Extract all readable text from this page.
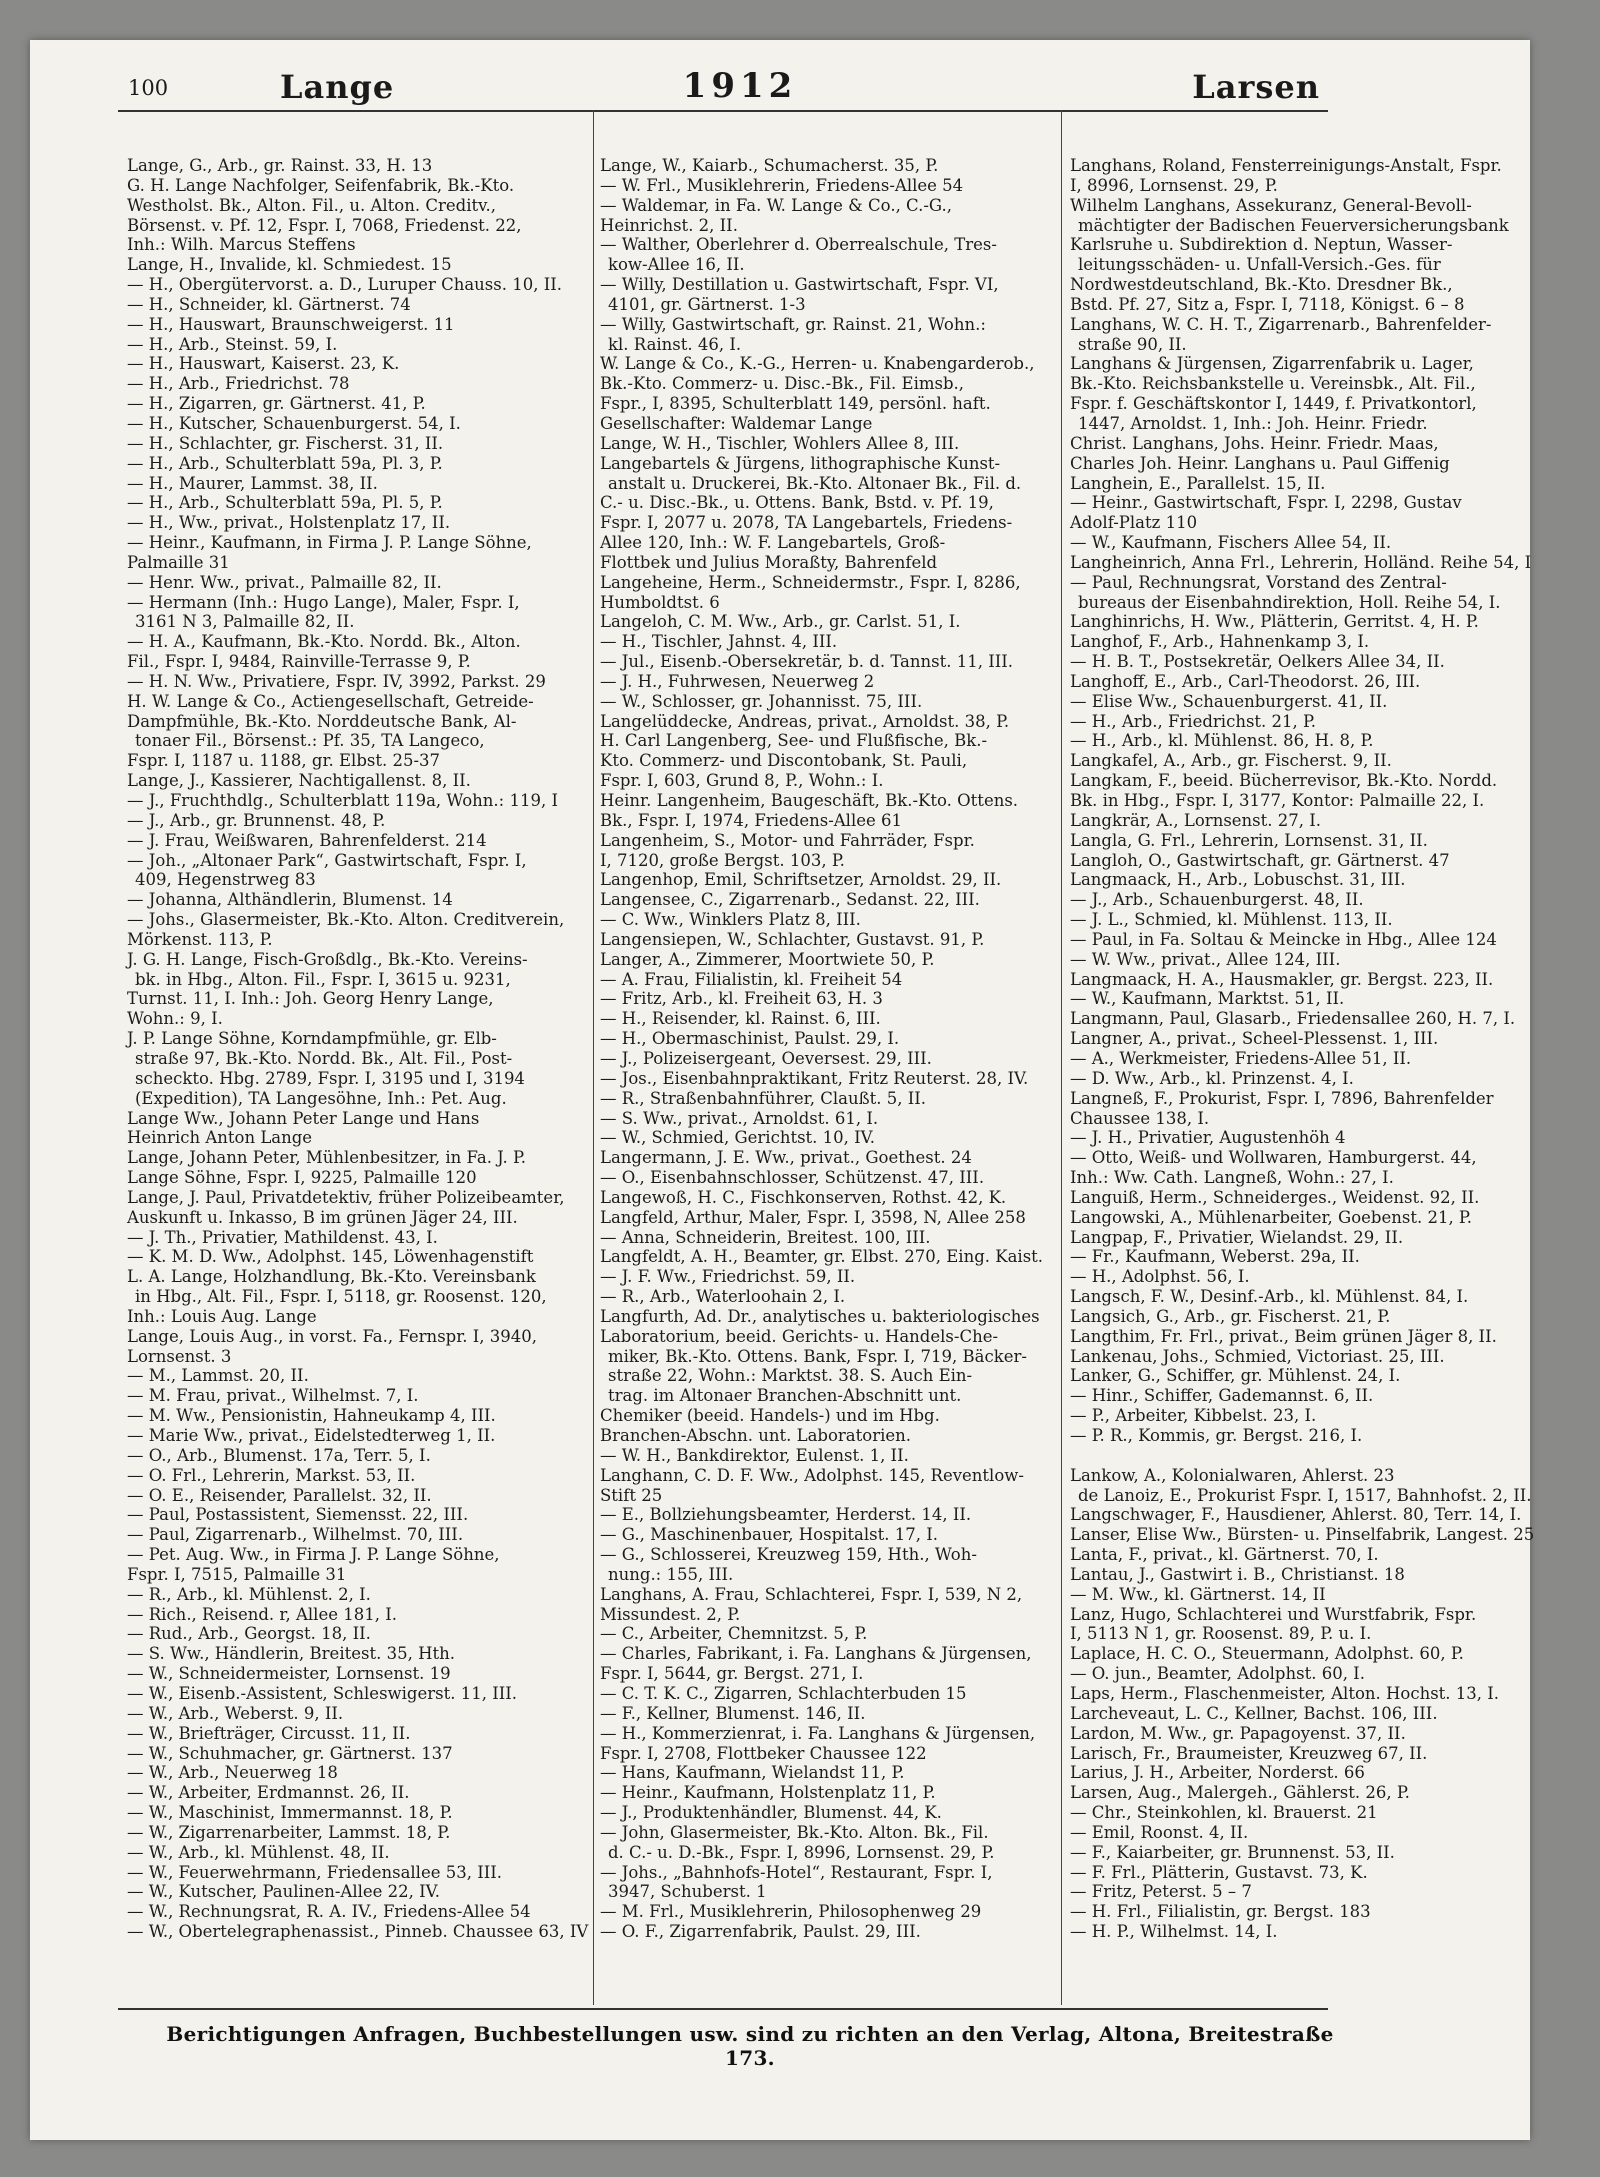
100	Lange	1912	Larsen
Lange, G., Arb., gr. Rainst. 33, H. 13
G. H. Lange Nachfolger, Seifenfabrik, Bk.-Kto.
Westholst. Bk., Alton. Fil., u. Alton. Creditv.,
Börsenst. v. Pf. 12, Fspr. I, 7068, Friedenst. 22,
Inh.: Wilh. Marcus Steffens
Lange, H., Invalide, kl. Schmiedest. 15
— H., Obergütervorst. a. D., Luruper Chauss. 10, II.
— H., Schneider, kl. Gärtnerst. 74
— H., Hauswart, Braunschweigerst. 11
— H., Arb., Steinst. 59, I.
— H., Hauswart, Kaiserst. 23, K.
— H., Arb., Friedrichst. 78
— H., Zigarren, gr. Gärtnerst. 41, P.
— H., Kutscher, Schauenburgerst. 54, I.
— H., Schlachter, gr. Fischerst. 31, II.
— H., Arb., Schulterblatt 59a, Pl. 3, P.
— H., Maurer, Lammst. 38, II.
— H., Arb., Schulterblatt 59a, Pl. 5, P.
— H., Ww., privat., Holstenplatz 17, II.
— Heinr., Kaufmann, in Firma J. P. Lange Söhne,
Palmaille 31
— Henr. Ww., privat., Palmaille 82, II.
— Hermann (Inh.: Hugo Lange), Maler, Fspr. I,
3161 N 3, Palmaille 82, II.
— H. A., Kaufmann, Bk.-Kto. Nordd. Bk., Alton.
Fil., Fspr. I, 9484, Rainville-Terrasse 9, P.
— H. N. Ww., Privatiere, Fspr. IV, 3992, Parkst. 29
H. W. Lange & Co., Actiengesellschaft, Getreide-
Dampfmühle, Bk.-Kto. Norddeutsche Bank, Al-
tonaer Fil., Börsenst.: Pf. 35, TA Langeco,
Fspr. I, 1187 u. 1188, gr. Elbst. 25-37
Lange, J., Kassierer, Nachtigallenst. 8, II.
— J., Fruchthdlg., Schulterblatt 119a, Wohn.: 119, I
— J., Arb., gr. Brunnenst. 48, P.
— J. Frau, Weißwaren, Bahrenfelderst. 214
— Joh., „Altonaer Park“, Gastwirtschaft, Fspr. I,
409, Hegenstrweg 83
— Johanna, Althändlerin, Blumenst. 14
— Johs., Glasermeister, Bk.-Kto. Alton. Creditverein,
Mörkenst. 113, P.
J. G. H. Lange, Fisch-Großdlg., Bk.-Kto. Vereins-
bk. in Hbg., Alton. Fil., Fspr. I, 3615 u. 9231,
Turnst. 11, I. Inh.: Joh. Georg Henry Lange,
Wohn.: 9, I.
J. P. Lange Söhne, Korndampfmühle, gr. Elb-
straße 97, Bk.-Kto. Nordd. Bk., Alt. Fil., Post-
scheckto. Hbg. 2789, Fspr. I, 3195 und I, 3194
(Expedition), TA Langesöhne, Inh.: Pet. Aug.
Lange Ww., Johann Peter Lange und Hans
Heinrich Anton Lange
Lange, Johann Peter, Mühlenbesitzer, in Fa. J. P.
Lange Söhne, Fspr. I, 9225, Palmaille 120
Lange, J. Paul, Privatdetektiv, früher Polizeibeamter,
Auskunft u. Inkasso, B im grünen Jäger 24, III.
— J. Th., Privatier, Mathildenst. 43, I.
— K. M. D. Ww., Adolphst. 145, Löwenhagenstift
L. A. Lange, Holzhandlung, Bk.-Kto. Vereinsbank
in Hbg., Alt. Fil., Fspr. I, 5118, gr. Roosenst. 120,
Inh.: Louis Aug. Lange
Lange, Louis Aug., in vorst. Fa., Fernspr. I, 3940,
Lornsenst. 3
— M., Lammst. 20, II.
— M. Frau, privat., Wilhelmst. 7, I.
— M. Ww., Pensionistin, Hahneukamp 4, III.
— Marie Ww., privat., Eidelstedterweg 1, II.
— O., Arb., Blumenst. 17a, Terr. 5, I.
— O. Frl., Lehrerin, Markst. 53, II.
— O. E., Reisender, Parallelst. 32, II.
— Paul, Postassistent, Siemensst. 22, III.
— Paul, Zigarrenarb., Wilhelmst. 70, III.
— Pet. Aug. Ww., in Firma J. P. Lange Söhne,
Fspr. I, 7515, Palmaille 31
— R., Arb., kl. Mühlenst. 2, I.
— Rich., Reisend. r, Allee 181, I.
— Rud., Arb., Georgst. 18, II.
— S. Ww., Händlerin, Breitest. 35, Hth.
— W., Schneidermeister, Lornsenst. 19
— W., Eisenb.-Assistent, Schleswigerst. 11, III.
— W., Arb., Weberst. 9, II.
— W., Briefträger, Circusst. 11, II.
— W., Schuhmacher, gr. Gärtnerst. 137
— W., Arb., Neuerweg 18
— W., Arbeiter, Erdmannst. 26, II.
— W., Maschinist, Immermannst. 18, P.
— W., Zigarrenarbeiter, Lammst. 18, P.
— W., Arb., kl. Mühlenst. 48, II.
— W., Feuerwehrmann, Friedensallee 53, III.
— W., Kutscher, Paulinen-Allee 22, IV.
— W., Rechnungsrat, R. A. IV., Friedens-Allee 54
— W., Obertelegraphenassist., Pinneb. Chaussee 63, IV
Lange, W., Kaiarb., Schumacherst. 35, P.
— W. Frl., Musiklehrerin, Friedens-Allee 54
— Waldemar, in Fa. W. Lange & Co., C.-G.,
Heinrichst. 2, II.
— Walther, Oberlehrer d. Oberrealschule, Tres-
kow-Allee 16, II.
— Willy, Destillation u. Gastwirtschaft, Fspr. VI,
4101, gr. Gärtnerst. 1-3
— Willy, Gastwirtschaft, gr. Rainst. 21, Wohn.:
kl. Rainst. 46, I.
W. Lange & Co., K.-G., Herren- u. Knabengarderob.,
Bk.-Kto. Commerz- u. Disc.-Bk., Fil. Eimsb.,
Fspr., I, 8395, Schulterblatt 149, persönl. haft.
Gesellschafter: Waldemar Lange
Lange, W. H., Tischler, Wohlers Allee 8, III.
Langebartels & Jürgens, lithographische Kunst-
anstalt u. Druckerei, Bk.-Kto. Altonaer Bk., Fil. d.
C.- u. Disc.-Bk., u. Ottens. Bank, Bstd. v. Pf. 19,
Fspr. I, 2077 u. 2078, TA Langebartels, Friedens-
Allee 120, Inh.: W. F. Langebartels, Groß-
Flottbek und Julius Moraßty, Bahrenfeld
Langeheine, Herm., Schneidermstr., Fspr. I, 8286,
Humboldtst. 6
Langeloh, C. M. Ww., Arb., gr. Carlst. 51, I.
— H., Tischler, Jahnst. 4, III.
— Jul., Eisenb.-Obersekretär, b. d. Tannst. 11, III.
— J. H., Fuhrwesen, Neuerweg 2
— W., Schlosser, gr. Johannisst. 75, III.
Langelüddecke, Andreas, privat., Arnoldst. 38, P.
H. Carl Langenberg, See- und Flußfische, Bk.-
Kto. Commerz- und Discontobank, St. Pauli,
Fspr. I, 603, Grund 8, P., Wohn.: I.
Heinr. Langenheim, Baugeschäft, Bk.-Kto. Ottens.
Bk., Fspr. I, 1974, Friedens-Allee 61
Langenheim, S., Motor- und Fahrräder, Fspr.
I, 7120, große Bergst. 103, P.
Langenhop, Emil, Schriftsetzer, Arnoldst. 29, II.
Langensee, C., Zigarrenarb., Sedanst. 22, III.
— C. Ww., Winklers Platz 8, III.
Langensiepen, W., Schlachter, Gustavst. 91, P.
Langer, A., Zimmerer, Moortwiete 50, P.
— A. Frau, Filialistin, kl. Freiheit 54
— Fritz, Arb., kl. Freiheit 63, H. 3
— H., Reisender, kl. Rainst. 6, III.
— H., Obermaschinist, Paulst. 29, I.
— J., Polizeisergeant, Oeversest. 29, III.
— Jos., Eisenbahnpraktikant, Fritz Reuterst. 28, IV.
— R., Straßenbahnführer, Claußt. 5, II.
— S. Ww., privat., Arnoldst. 61, I.
— W., Schmied, Gerichtst. 10, IV.
Langermann, J. E. Ww., privat., Goethest. 24
— O., Eisenbahnschlosser, Schützenst. 47, III.
Langewoß, H. C., Fischkonserven, Rothst. 42, K.
Langfeld, Arthur, Maler, Fspr. I, 3598, N, Allee 258
— Anna, Schneiderin, Breitest. 100, III.
Langfeldt, A. H., Beamter, gr. Elbst. 270, Eing. Kaist.
— J. F. Ww., Friedrichst. 59, II.
— R., Arb., Waterloohain 2, I.
Langfurth, Ad. Dr., analytisches u. bakteriologisches
Laboratorium, beeid. Gerichts- u. Handels-Che-
miker, Bk.-Kto. Ottens. Bank, Fspr. I, 719, Bäcker-
straße 22, Wohn.: Marktst. 38. S. Auch Ein-
trag. im Altonaer Branchen-Abschnitt unt.
Chemiker (beeid. Handels-) und im Hbg.
Branchen-Abschn. unt. Laboratorien.
— W. H., Bankdirektor, Eulenst. 1, II.
Langhann, C. D. F. Ww., Adolphst. 145, Reventlow-
Stift 25
— E., Bollziehungsbeamter, Herderst. 14, II.
— G., Maschinenbauer, Hospitalst. 17, I.
— G., Schlosserei, Kreuzweg 159, Hth., Woh-
nung.: 155, III.
Langhans, A. Frau, Schlachterei, Fspr. I, 539, N 2,
Missundest. 2, P.
— C., Arbeiter, Chemnitzst. 5, P.
— Charles, Fabrikant, i. Fa. Langhans & Jürgensen,
Fspr. I, 5644, gr. Bergst. 271, I.
— C. T. K. C., Zigarren, Schlachterbuden 15
— F., Kellner, Blumenst. 146, II.
— H., Kommerzienrat, i. Fa. Langhans & Jürgensen,
Fspr. I, 2708, Flottbeker Chaussee 122
— Hans, Kaufmann, Wielandst 11, P.
— Heinr., Kaufmann, Holstenplatz 11, P.
— J., Produktenhändler, Blumenst. 44, K.
— John, Glasermeister, Bk.-Kto. Alton. Bk., Fil.
d. C.- u. D.-Bk., Fspr. I, 8996, Lornsenst. 29, P.
— Johs., „Bahnhofs-Hotel“, Restaurant, Fspr. I,
3947, Schuberst. 1
— M. Frl., Musiklehrerin, Philosophenweg 29
— O. F., Zigarrenfabrik, Paulst. 29, III.
Langhans, Roland, Fensterreinigungs-Anstalt, Fspr.
I, 8996, Lornsenst. 29, P.
Wilhelm Langhans, Assekuranz, General-Bevoll-
mächtigter der Badischen Feuerversicherungsbank
Karlsruhe u. Subdirektion d. Neptun, Wasser-
leitungsschäden- u. Unfall-Versich.-Ges. für
Nordwestdeutschland, Bk.-Kto. Dresdner Bk.,
Bstd. Pf. 27, Sitz a, Fspr. I, 7118, Königst. 6 – 8
Langhans, W. C. H. T., Zigarrenarb., Bahrenfelder-
straße 90, II.
Langhans & Jürgensen, Zigarrenfabrik u. Lager,
Bk.-Kto. Reichsbankstelle u. Vereinsbk., Alt. Fil.,
Fspr. f. Geschäftskontor I, 1449, f. Privatkontorl,
1447, Arnoldst. 1, Inh.: Joh. Heinr. Friedr.
Christ. Langhans, Johs. Heinr. Friedr. Maas,
Charles Joh. Heinr. Langhans u. Paul Giffenig
Langhein, E., Parallelst. 15, II.
— Heinr., Gastwirtschaft, Fspr. I, 2298, Gustav
Adolf-Platz 110
— W., Kaufmann, Fischers Allee 54, II.
Langheinrich, Anna Frl., Lehrerin, Holländ. Reihe 54, I
— Paul, Rechnungsrat, Vorstand des Zentral-
bureaus der Eisenbahndirektion, Holl. Reihe 54, I.
Langhinrichs, H. Ww., Plätterin, Gerritst. 4, H. P.
Langhof, F., Arb., Hahnenkamp 3, I.
— H. B. T., Postsekretär, Oelkers Allee 34, II.
Langhoff, E., Arb., Carl-Theodorst. 26, III.
— Elise Ww., Schauenburgerst. 41, II.
— H., Arb., Friedrichst. 21, P.
— H., Arb., kl. Mühlenst. 86, H. 8, P.
Langkafel, A., Arb., gr. Fischerst. 9, II.
Langkam, F., beeid. Bücherrevisor, Bk.-Kto. Nordd.
Bk. in Hbg., Fspr. I, 3177, Kontor: Palmaille 22, I.
Langkrär, A., Lornsenst. 27, I.
Langla, G. Frl., Lehrerin, Lornsenst. 31, II.
Langloh, O., Gastwirtschaft, gr. Gärtnerst. 47
Langmaack, H., Arb., Lobuschst. 31, III.
— J., Arb., Schauenburgerst. 48, II.
— J. L., Schmied, kl. Mühlenst. 113, II.
— Paul, in Fa. Soltau & Meincke in Hbg., Allee 124
— W. Ww., privat., Allee 124, III.
Langmaack, H. A., Hausmakler, gr. Bergst. 223, II.
— W., Kaufmann, Marktst. 51, II.
Langmann, Paul, Glasarb., Friedensallee 260, H. 7, I.
Langner, A., privat., Scheel-Plessenst. 1, III.
— A., Werkmeister, Friedens-Allee 51, II.
— D. Ww., Arb., kl. Prinzenst. 4, I.
Langneß, F., Prokurist, Fspr. I, 7896, Bahrenfelder
Chaussee 138, I.
— J. H., Privatier, Augustenhöh 4
— Otto, Weiß- und Wollwaren, Hamburgerst. 44,
Inh.: Ww. Cath. Langneß, Wohn.: 27, I.
Languiß, Herm., Schneiderges., Weidenst. 92, II.
Langowski, A., Mühlenarbeiter, Goebenst. 21, P.
Langpap, F., Privatier, Wielandst. 29, II.
— Fr., Kaufmann, Weberst. 29a, II.
— H., Adolphst. 56, I.
Langsch, F. W., Desinf.-Arb., kl. Mühlenst. 84, I.
Langsich, G., Arb., gr. Fischerst. 21, P.
Langthim, Fr. Frl., privat., Beim grünen Jäger 8, II.
Lankenau, Johs., Schmied, Victoriast. 25, III.
Lanker, G., Schiffer, gr. Mühlenst. 24, I.
— Hinr., Schiffer, Gademannst. 6, II.
— P., Arbeiter, Kibbelst. 23, I.
— P. R., Kommis, gr. Bergst. 216, I.
Lankow, A., Kolonialwaren, Ahlerst. 23
de Lanoiz, E., Prokurist Fspr. I, 1517, Bahnhofst. 2, II.
Langschwager, F., Hausdiener, Ahlerst. 80, Terr. 14, I.
Lanser, Elise Ww., Bürsten- u. Pinselfabrik, Langest. 25
Lanta, F., privat., kl. Gärtnerst. 70, I.
Lantau, J., Gastwirt i. B., Christianst. 18
— M. Ww., kl. Gärtnerst. 14, II
Lanz, Hugo, Schlachterei und Wurstfabrik, Fspr.
I, 5113 N 1, gr. Roosenst. 89, P. u. I.
Laplace, H. C. O., Steuermann, Adolphst. 60, P.
— O. jun., Beamter, Adolphst. 60, I.
Laps, Herm., Flaschenmeister, Alton. Hochst. 13, I.
Larcheveaut, L. C., Kellner, Bachst. 106, III.
Lardon, M. Ww., gr. Papagoyenst. 37, II.
Larisch, Fr., Braumeister, Kreuzweg 67, II.
Larius, J. H., Arbeiter, Norderst. 66
Larsen, Aug., Malergeh., Gählerst. 26, P.
— Chr., Steinkohlen, kl. Brauerst. 21
— Emil, Roonst. 4, II.
— F., Kaiarbeiter, gr. Brunnenst. 53, II.
— F. Frl., Plätterin, Gustavst. 73, K.
— Fritz, Peterst. 5 – 7
— H. Frl., Filialistin, gr. Bergst. 183
— H. P., Wilhelmst. 14, I.
Berichtigungen Anfragen, Buchbestellungen usw. sind zu richten an den Verlag, Altona, Breitestraße 173.
